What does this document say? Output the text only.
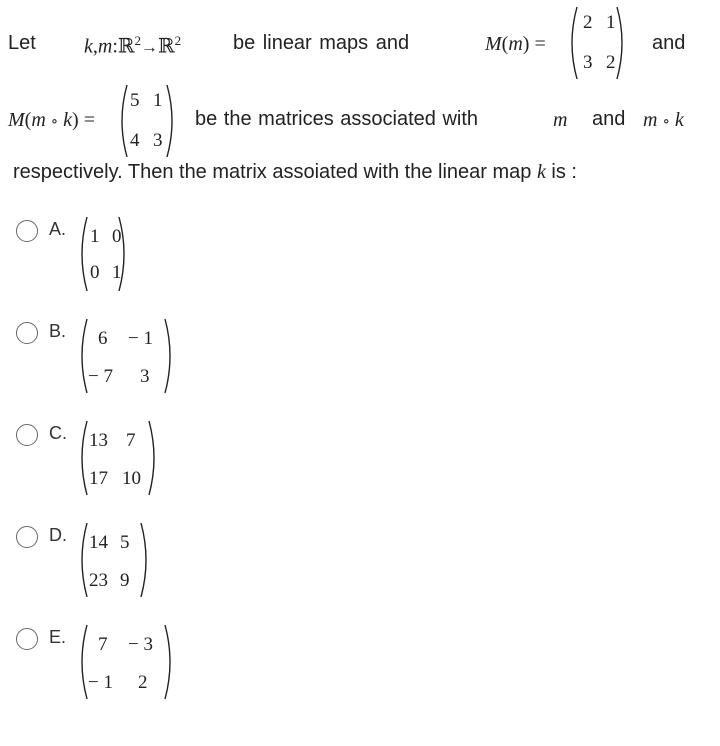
Let k,m:ℝ$^2$→ℝ$^2$	be linear maps and	M(m) =
2 1
3 2
and
M(m ∘ k) =
5 1
4 3
be the matrices associated with	m and m ∘ k
respectively. Then the matrix assoiated with the linear map k is :
A. 1 0
0 1
B. 6 − 1
− 7 3
C. 13 7
17 10
D. 14 5
23 9
E. 7 − 3
− 1 2
